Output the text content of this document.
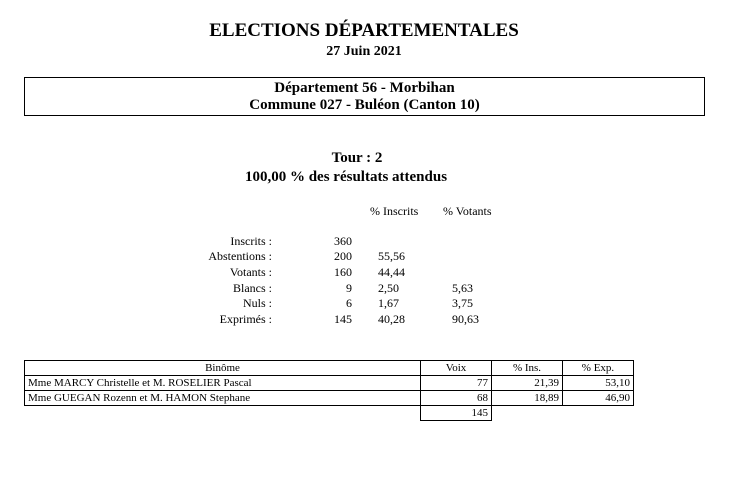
ELECTIONS DÉPARTEMENTALES
27 Juin 2021
Département 56 - Morbihan
Commune 027 - Buléon (Canton 10)
Tour : 2
100,00 % des résultats attendus
% Inscrits % Votants
Inscrits :	360
Abstentions :	200 55,56
Votants :	160 44,44
Blancs :	9 2,50	5,63
Nuls :	6 1,67	3,75
Exprimés :	145 40,28	90,63
Binôme	Voix	% Ins.	% Exp.
Mme MARCY Christelle et M. ROSELIER Pascal	77	21,39	53,10
Mme GUEGAN Rozenn et M. HAMON Stephane	68	18,89	46,90
	145		
